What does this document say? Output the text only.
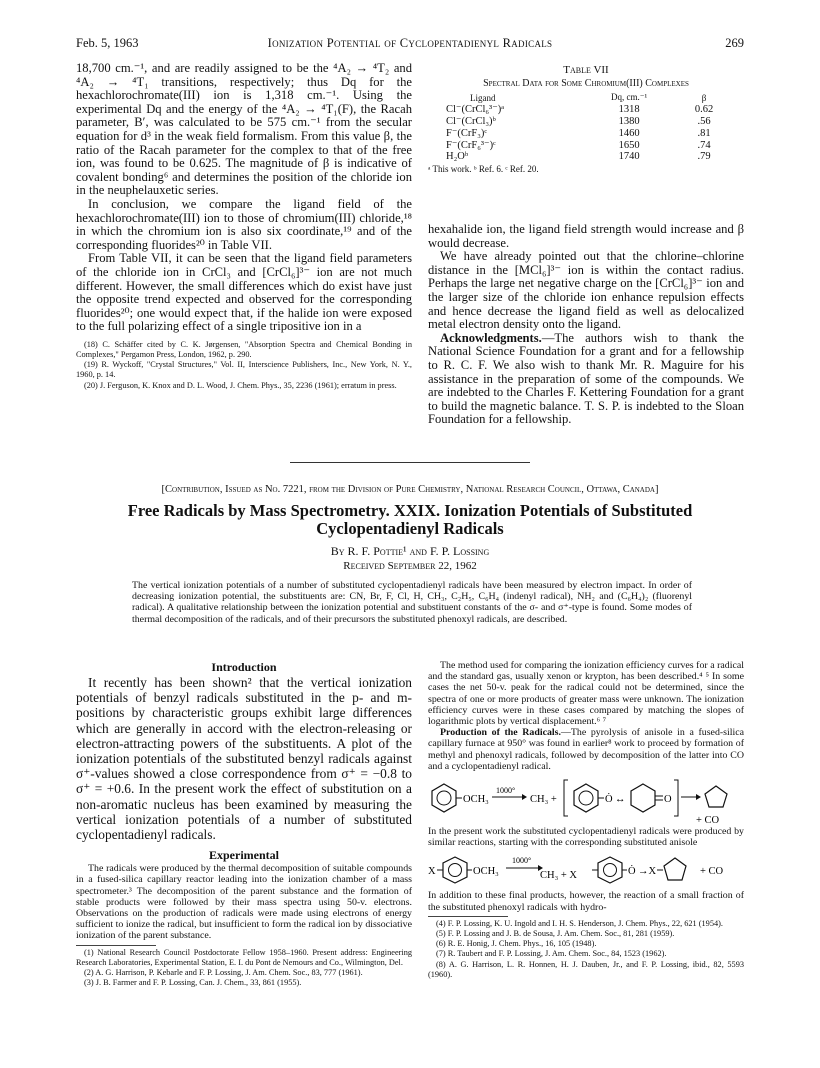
Feb. 5, 1963	Ionization Potential of Cyclopentadienyl Radicals	269

18,700 cm.⁻¹, and are readily assigned to be the ⁴A₂ → ⁴T₂ and ⁴A₂ → ⁴T₁ transitions, respectively; thus Dq for the hexachlorochromate(III) ion is 1,318 cm.⁻¹. Using the experimental Dq and the energy of the ⁴A₂ → ⁴T₁(F), the Racah parameter, B′, was calculated to be 575 cm.⁻¹ from the secular equation for d³ in the weak field formalism. From this value β, the ratio of the Racah parameter for the complex to that of the free ion, was found to be 0.625. The magnitude of β is indicative of covalent bonding⁶ and determines the position of the chloride ion in the neuphelauxetic series.

In conclusion, we compare the ligand field of the hexachlorochromate(III) ion to those of chromium(III) chloride,¹⁸ in which the chromium ion is also six coordinate,¹⁹ and of the corresponding fluorides²⁰ in Table VII.

From Table VII, it can be seen that the ligand field parameters of the chloride ion in CrCl₃ and [CrCl₆]³⁻ ion are not much different. However, the small differences which do exist have just the opposite trend expected and observed for the corresponding fluorides²⁰; one would expect that, if the halide ion were exposed to the full polarizing effect of a single tripositive ion in a

(18) C. Schäffer cited by C. K. Jørgensen, "Absorption Spectra and Chemical Bonding in Complexes," Pergamon Press, London, 1962, p. 290.

(19) R. Wyckoff, "Crystal Structures," Vol. II, Interscience Publishers, Inc., New York, N. Y., 1960, p. 14.

(20) J. Ferguson, K. Knox and D. L. Wood, J. Chem. Phys., 35, 2236 (1961); erratum in press.

Table VII
Spectral Data for Some Chromium(III) Complexes
Ligand	Dq, cm.⁻¹	β
Cl⁻(CrCl₆³⁻)ᵃ	1318	0.62
Cl⁻(CrCl₃)ᵇ	1380	.56
F⁻(CrF₃)ᶜ	1460	.81
F⁻(CrF₆³⁻)ᶜ	1650	.74
H₂Oᵇ	1740	.79
ᵃ This work. ᵇ Ref. 6. ᶜ Ref. 20.

hexahalide ion, the ligand field strength would increase and β would decrease.

We have already pointed out that the chlorine–chlorine distance in the [MCl₆]³⁻ ion is within the contact radius. Perhaps the large net negative charge on the [CrCl₆]³⁻ ion and the larger size of the chloride ion enhance repulsion effects and hence decrease the ligand field as well as delocalized metal electron density onto the ligand.

Acknowledgments.—The authors wish to thank the National Science Foundation for a grant and for a fellowship to R. C. F. We also wish to thank Mr. R. Maguire for his assistance in the preparation of some of the compounds. We are indebted to the Charles F. Kettering Foundation for a grant to build the magnetic balance. T. S. P. is indebted to the Sloan Foundation for a fellowship.

[Contribution, Issued as No. 7221, from the Division of Pure Chemistry, National Research Council, Ottawa, Canada]
Free Radicals by Mass Spectrometry. XXIX. Ionization Potentials of Substituted
Cyclopentadienyl Radicals
By R. F. Pottie¹ and F. P. Lossing
Received September 22, 1962
The vertical ionization potentials of a number of substituted cyclopentadienyl radicals have been measured by electron impact. In order of decreasing ionization potential, the substituents are: CN, Br, F, Cl, H, CH₃, C₂H₅, C₆H₄ (indenyl radical), NH₂ and (C₆H₄)₂ (fluorenyl radical). A qualitative relationship between the ionization potential and substituent constants of the σ- and σ⁺-type is found. Some modes of thermal decomposition of the radicals, and of their precursors the substituted phenoxyl radicals, are described.
Introduction

It recently has been shown² that the vertical ionization potentials of benzyl radicals substituted in the p- and m-positions by characteristic groups exhibit large differences which are generally in accord with the electron-releasing or electron-attracting powers of the substituents. A plot of the ionization potentials of the substituted benzyl radicals against σ⁺-values showed a close correspondence from σ⁺ = −0.8 to σ⁺ = +0.6. In the present work the effect of substitution on a non-aromatic nucleus has been examined by measuring the vertical ionization potentials of a number of substituted cyclopentadienyl radicals.

Experimental

The radicals were produced by the thermal decomposition of suitable compounds in a fused-silica capillary reactor leading into the ionization chamber of a mass spectrometer.³ The decomposition of the parent substance and the formation of stable products were followed by their mass spectra using 50-v. electrons. Observations on the production of radicals were made using electrons of energy sufficient to ionize the radical, but insufficient to form the radical ion by dissociative ionization of the parent substance.

(1) National Research Council Postdoctorate Fellow 1958–1960. Present address: Engineering Research Laboratories, Experimental Station, E. I. du Pont de Nemours and Co., Wilmington, Del.

(2) A. G. Harrison, P. Kebarle and F. P. Lossing, J. Am. Chem. Soc., 83, 777 (1961).

(3) J. B. Farmer and F. P. Lossing, Can. J. Chem., 33, 861 (1955).

The method used for comparing the ionization efficiency curves for a radical and the standard gas, usually xenon or krypton, has been described.⁴ ⁵ In some cases the net 50-v. peak for the radical could not be determined, since the spectra of one or more products of greater mass were unknown. The ionization efficiency curves were in these cases compared by matching the slopes of logarithmic plots by vertical displacement.⁶ ⁷

Production of the Radicals.—The pyrolysis of anisole in a fused-silica capillary furnace at 950° was found in earlier⁸ work to proceed by formation of methyl and phenoxyl radicals, followed by decomposition of the latter into CO and a cyclopentadienyl radical.

OCH₃
1000°
CH₃ +	Ȯ ↔	O
+ CO

In the present work the substituted cyclopentadienyl radicals were produced by similar reactions, starting with the corresponding substituted anisole

X	OCH₃
1000°
CH₃ + X	Ȯ →X	+ CO

In addition to these final products, however, the reaction of a small fraction of the substituted phenoxyl radicals with hydro-

(4) F. P. Lossing, K. U. Ingold and I. H. S. Henderson, J. Chem. Phys., 22, 621 (1954).

(5) F. P. Lossing and J. B. de Sousa, J. Am. Chem. Soc., 81, 281 (1959).

(6) R. E. Honig, J. Chem. Phys., 16, 105 (1948).

(7) R. Taubert and F. P. Lossing, J. Am. Chem. Soc., 84, 1523 (1962).

(8) A. G. Harrison, L. R. Honnen, H. J. Dauben, Jr., and F. P. Lossing, ibid., 82, 5593 (1960).
